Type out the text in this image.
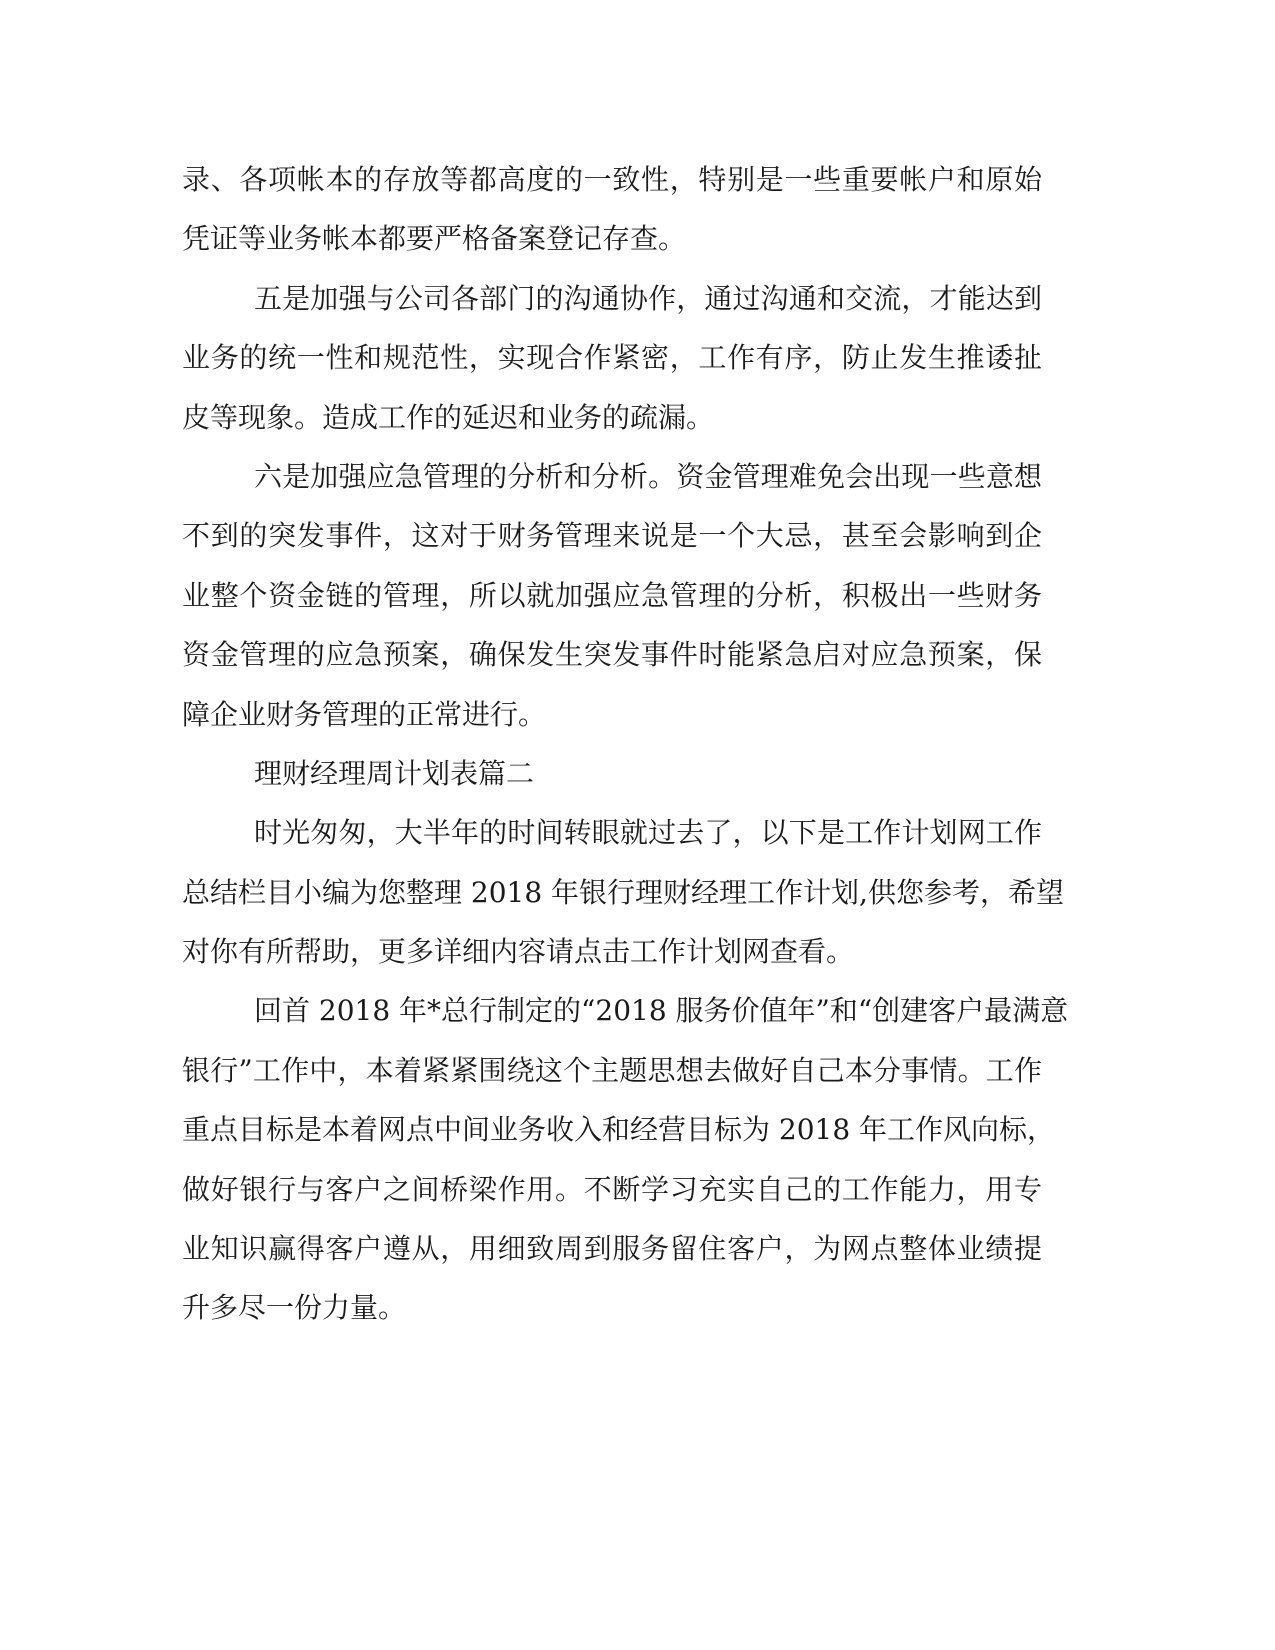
录、各项帐本的存放等都高度的一致性，特别是一些重要帐户和原始
凭证等业务帐本都要严格备案登记存查。
五是加强与公司各部门的沟通协作，通过沟通和交流，才能达到
业务的统一性和规范性，实现合作紧密，工作有序，防止发生推诿扯
皮等现象。造成工作的延迟和业务的疏漏。
六是加强应急管理的分析和分析。资金管理难免会出现一些意想
不到的突发事件，这对于财务管理来说是一个大忌，甚至会影响到企
业整个资金链的管理，所以就加强应急管理的分析，积极出一些财务
资金管理的应急预案，确保发生突发事件时能紧急启对应急预案，保
障企业财务管理的正常进行。
理财经理周计划表篇二
时光匆匆，大半年的时间转眼就过去了，以下是工作计划网工作
总结栏目小编为您整理 2018 年银行理财经理工作计划,供您参考，希望
对你有所帮助，更多详细内容请点击工作计划网查看。
回首 2018 年*总行制定的“2018 服务价值年”和“创建客户最满意
银行”工作中，本着紧紧围绕这个主题思想去做好自己本分事情。工作
重点目标是本着网点中间业务收入和经营目标为 2018 年工作风向标，
做好银行与客户之间桥梁作用。不断学习充实自己的工作能力，用专
业知识赢得客户遵从，用细致周到服务留住客户，为网点整体业绩提
升多尽一份力量。
